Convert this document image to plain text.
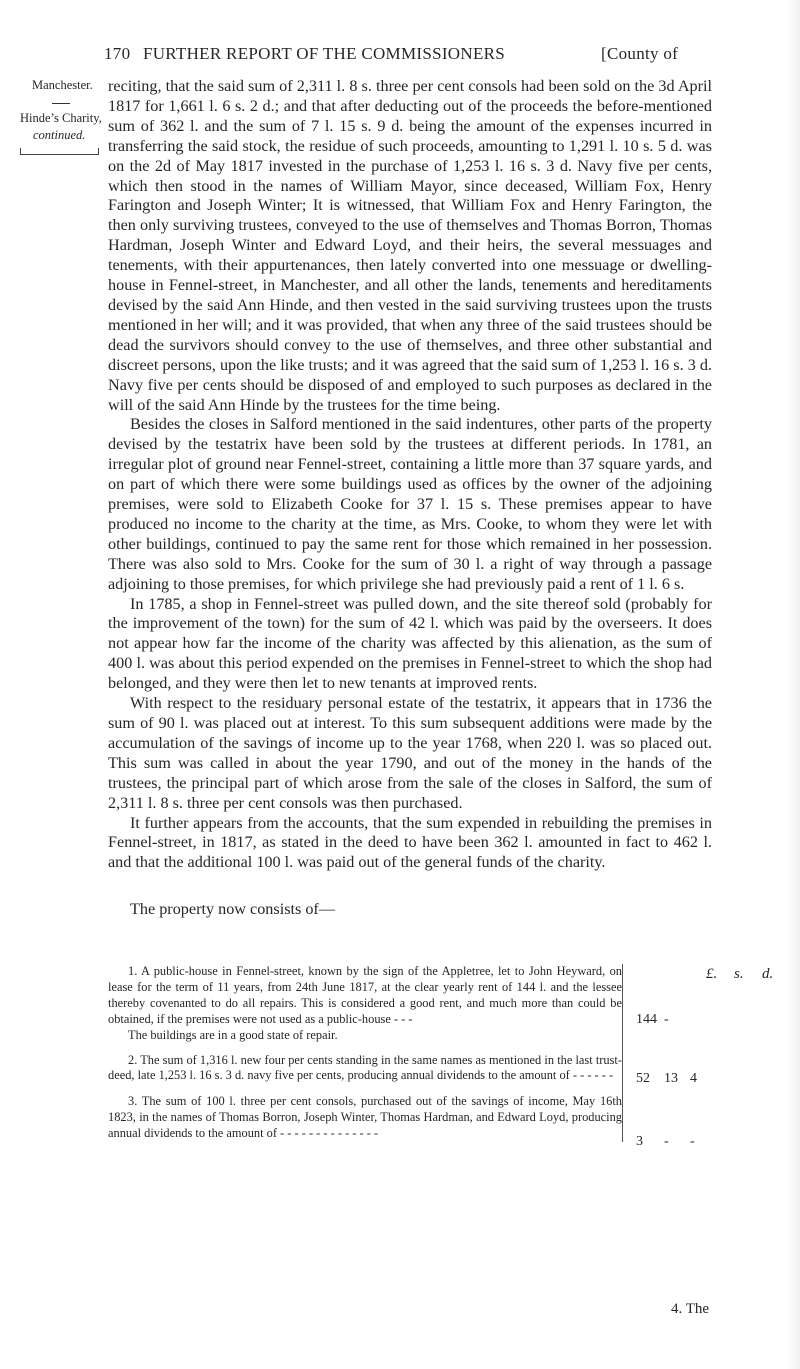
170 FURTHER REPORT OF THE COMMISSIONERS	[County of
Manchester.
Hinde’s Charity,
continued.

reciting, that the said sum of 2,311 l. 8 s. three per cent consols had been sold on the 3d April 1817 for 1,661 l. 6 s. 2 d.; and that after deducting out of the proceeds the before-mentioned sum of 362 l. and the sum of 7 l. 15 s. 9 d. being the amount of the expenses incurred in transferring the said stock, the residue of such proceeds, amounting to 1,291 l. 10 s. 5 d. was on the 2d of May 1817 invested in the purchase of 1,253 l. 16 s. 3 d. Navy five per cents, which then stood in the names of William Mayor, since deceased, William Fox, Henry Farington and Joseph Winter; It is witnessed, that William Fox and Henry Farington, the then only surviving trustees, conveyed to the use of themselves and Thomas Borron, Thomas Hardman, Joseph Winter and Edward Loyd, and their heirs, the several messuages and tenements, with their appurtenances, then lately converted into one messuage or dwelling-house in Fennel-street, in Manchester, and all other the lands, tenements and hereditaments devised by the said Ann Hinde, and then vested in the said surviving trustees upon the trusts mentioned in her will; and it was provided, that when any three of the said trustees should be dead the survivors should convey to the use of themselves, and three other substantial and discreet persons, upon the like trusts; and it was agreed that the said sum of 1,253 l. 16 s. 3 d. Navy five per cents should be disposed of and employed to such purposes as declared in the will of the said Ann Hinde by the trustees for the time being.

Besides the closes in Salford mentioned in the said indentures, other parts of the property devised by the testatrix have been sold by the trustees at different periods. In 1781, an irregular plot of ground near Fennel-street, containing a little more than 37 square yards, and on part of which there were some buildings used as offices by the owner of the adjoining premises, were sold to Elizabeth Cooke for 37 l. 15 s. These premises appear to have produced no income to the charity at the time, as Mrs. Cooke, to whom they were let with other buildings, continued to pay the same rent for those which remained in her possession. There was also sold to Mrs. Cooke for the sum of 30 l. a right of way through a passage adjoining to those premises, for which privilege she had previously paid a rent of 1 l. 6 s.

In 1785, a shop in Fennel-street was pulled down, and the site thereof sold (probably for the improvement of the town) for the sum of 42 l. which was paid by the overseers. It does not appear how far the income of the charity was affected by this alienation, as the sum of 400 l. was about this period expended on the premises in Fennel-street to which the shop had belonged, and they were then let to new tenants at improved rents.

With respect to the residuary personal estate of the testatrix, it appears that in 1736 the sum of 90 l. was placed out at interest. To this sum subsequent additions were made by the accumulation of the savings of income up to the year 1768, when 220 l. was so placed out. This sum was called in about the year 1790, and out of the money in the hands of the trustees, the principal part of which arose from the sale of the closes in Salford, the sum of 2,311 l. 8 s. three per cent consols was then purchased.

It further appears from the accounts, that the sum expended in rebuilding the premises in Fennel-street, in 1817, as stated in the deed to have been 362 l. amounted in fact to 462 l. and that the additional 100 l. was paid out of the general funds of the charity.

The property now consists of—

£. s. d.
1. A public-house in Fennel-street, known by the sign of the Appletree, let to John Heyward, on lease for the term of 11 years, from 24th June 1817, at the clear yearly rent of 144 l. and the lessee thereby covenanted to do all repairs. This is considered a good rent, and much more than could be obtained, if the premises were not used as a public-house - - -
The buildings are in a good state of repair.
144 -
2. The sum of 1,316 l. new four per cents standing in the same names as mentioned in the last trust-deed, late 1,253 l. 16 s. 3 d. navy five per cents, producing annual dividends to the amount of - - - - - -	52 13 4
3. The sum of 100 l. three per cent consols, purchased out of the savings of income, May 16th 1823, in the names of Thomas Borron, Joseph Winter, Thomas Hardman, and Edward Loyd, producing annual dividends to the amount of - - - - - - - - - - - - - -
3 - -
4. The
